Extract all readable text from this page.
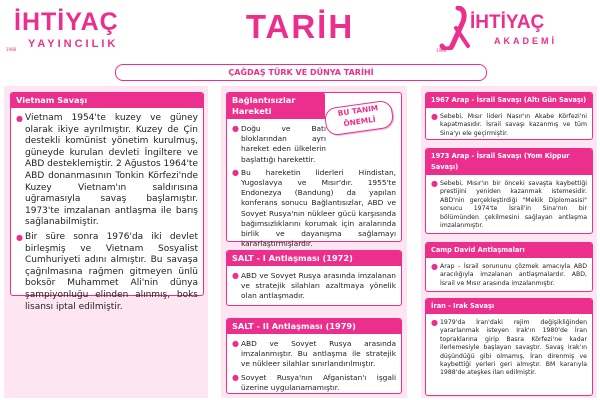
İHTİYAÇ
YAYINCILIK
1988
TARİH	İHTİYAÇ
AKADEMİ
1988
ÇAĞDAŞ TÜRK VE DÜNYA TARİHİ
Vietnam Savaşı
● Vietnam 1954'te kuzey ve güney olarak ikiye ayrılmıştır. Kuzey de Çin destekli komünist yönetim kurulmuş, güneyde kurulan devleti İngiltere ve ABD desteklemiştir. 2 Ağustos 1964'te ABD donanmasının Tonkin Körfezi'nde Kuzey Vietnam'ın saldırısına uğramasıyla savaş başlamıştır. 1973'te imzalanan antlaşma ile barış sağlanabilmiştir.
● Bir süre sonra 1976'da iki devlet birleşmiş ve Vietnam Sosyalist Cumhuriyeti adını almıştır. Bu savaşa çağrılmasına rağmen gitmeyen ünlü boksör Muhammet Ali'nin dünya şampiyonluğu elinden alınmış, boks lisansı iptal edilmiştir.
Bağlantısızlar Hareketi
● Doğu ve Batı bloklarından ayrı hareket eden ülkelerin başlattığı harekettir.
● Bu hareketin liderleri Hindistan, Yugoslavya ve Mısır'dır. 1955'te Endonezya (Bandung) da yapılan konferans sonucu Bağlantısızlar, ABD ve Sovyet Rusya'nın nükleer gücü karşısında bağımsızlıklarını korumak için aralarında birlik ve dayanışma sağlamayı kararlaştırmışlardır.
BU TANIM
ÖNEMLİ
SALT - I Antlaşması (1972)
● ABD ve Sovyet Rusya arasında imzalanan ve stratejik silahları azaltmaya yönelik olan antlaşmadır.
SALT - II Antlaşması (1979)
● ABD ve Sovyet Rusya arasında imzalanmıştır. Bu antlaşma ile stratejik ve nükleer silahlar sınırlandırılmıştır.
● Sovyet Rusya'nın Afganistan'ı işgali üzerine uygulanamamıştır.
1967 Arap - İsrail Savaşı (Altı Gün Savaşı)
● Sebebi, Mısır lideri Nasır'ın Akabe Körfezi'ni kapatmasıdır. İsrail savaşı kazanmış ve tüm Sina'yı ele geçirmiştir.
1973 Arap - İsrail Savaşı (Yom Kippur Savaşı)
● Sebebi, Mısır'ın bir önceki savaşta kaybettiği prestijini yeniden kazanmak istemesidir. ABD'nin gerçekleştirdiği "Mekik Diplomasisi" sonucu 1974'te İsrail'in Sina'nın bir bölümünden çekilmesini sağlayan antlaşma imzalanmıştır.
Camp David Antlaşmaları
● Arap - İsrail sorununu çözmek amacıyla ABD aracılığıyla imzalanan antlaşmalardır. ABD, İsrail ve Mısır arasında imzalanmıştır.
İran - Irak Savaşı
● 1979'da İran'daki rejim değişikliğinden yararlanmak isteyen Irak'ın 1980'de İran topraklarına girip Basra Körfezi'ne kadar ilerlemesiyle başlayan savaştır. Savaş Irak'ın düşündüğü gibi olmamış, İran direnmiş ve kaybettiği yerleri geri almıştır. BM kararıyla 1988'de ateşkes ilan edilmiştir.
